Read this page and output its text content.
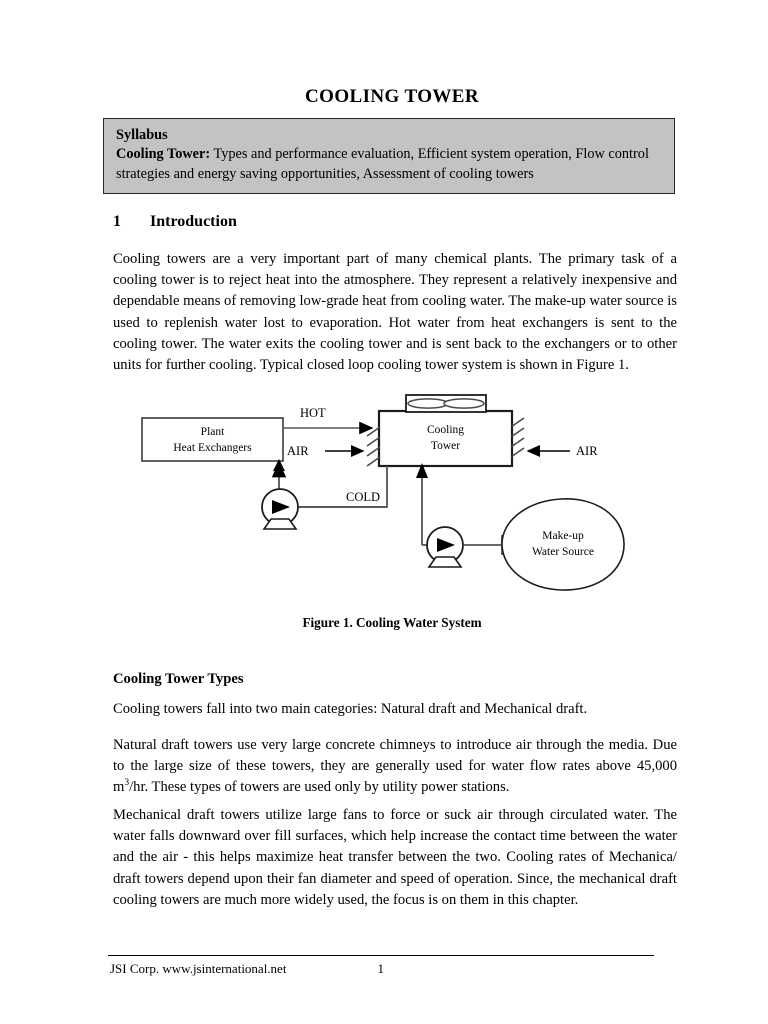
COOLING TOWER
Syllabus
Cooling Tower: Types and performance evaluation, Efficient system operation, Flow control strategies and energy saving opportunities, Assessment of cooling towers
1 Introduction
Cooling towers are a very important part of many chemical plants. The primary task of a cooling tower is to reject heat into the atmosphere. They represent a relatively inexpensive and dependable means of removing low-grade heat from cooling water. The make-up water source is used to replenish water lost to evaporation. Hot water from heat exchangers is sent to the cooling tower. The water exits the cooling tower and is sent back to the exchangers or to other units for further cooling. Typical closed loop cooling tower system is shown in Figure 1.
Plant
Heat Exchangers
Cooling
Tower
HOT
AIR	AIR
COLD
Make-up
Water Source
Figure 1. Cooling Water System
Cooling Tower Types
Cooling towers fall into two main categories: Natural draft and Mechanical draft.
Natural draft towers use very large concrete chimneys to introduce air through the media. Due to the large size of these towers, they are generally used for water flow rates above 45,000 $m^3/hr$. These types of towers are used only by utility power stations.
Mechanical draft towers utilize large fans to force or suck air through circulated water. The water falls downward over fill surfaces, which help increase the contact time between the water and the air - this helps maximize heat transfer between the two. Cooling rates of Mechanica/ draft towers depend upon their fan diameter and speed of operation. Since, the mechanical draft cooling towers are much more widely used, the focus is on them in this chapter.
JSI Corp. www.jsinternational.net	1
